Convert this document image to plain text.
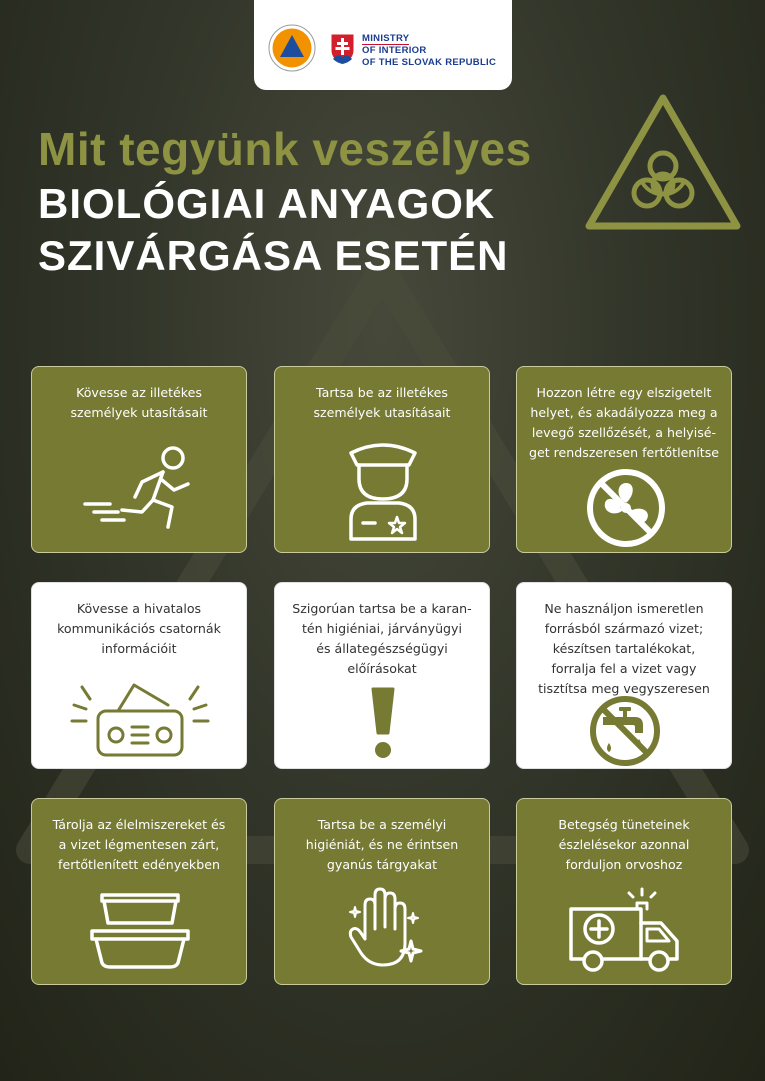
MINISTRY
OF INTERIOR
OF THE SLOVAK REPUBLIC
Mit tegyünk veszélyes
BIOLÓGIAI ANYAGOK
SZIVÁRGÁSA ESETÉN
Kövesse az illetékes
személyek utasításait
Tartsa be az illetékes
személyek utasításait
Hozzon létre egy elszigetelt
helyet, és akadályozza meg a
levegő szellőzését, a helyisé-
get rendszeresen fertőtlenítse
Kövesse a hivatalos
kommunikációs csatornák
információit
Szigorúan tartsa be a karan-
tén higiéniai, járványügyi
és állategészségügyi
előírásokat
Ne használjon ismeretlen
forrásból származó vizet;
készítsen tartalékokat,
forralja fel a vizet vagy
tisztítsa meg vegyszeresen
Tárolja az élelmiszereket és
a vizet légmentesen zárt,
fertőtlenített edényekben
Tartsa be a személyi
higiéniát, és ne érintsen
gyanús tárgyakat
Betegség tüneteinek
észlelésekor azonnal
forduljon orvoshoz
